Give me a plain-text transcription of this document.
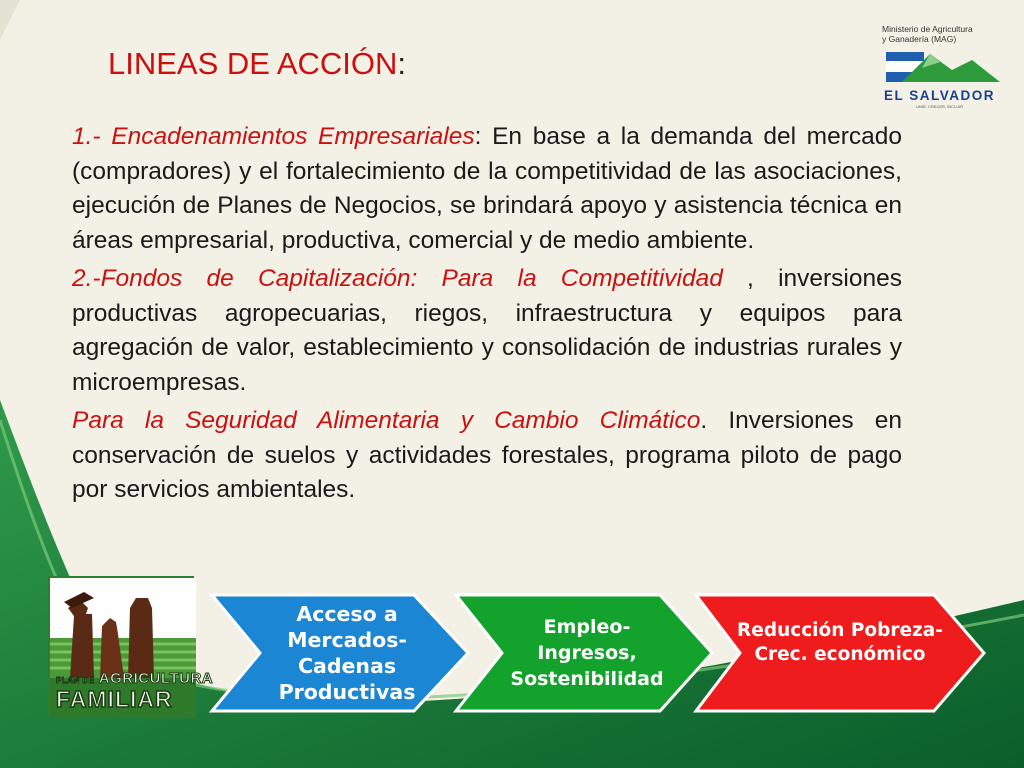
LINEAS DE ACCIÓN:
Ministerio de Agricultura
y Ganadería (MAG)
EL SALVADOR
UNIR, CRECER, INCLUIR

1.- Encadenamientos Empresariales: En base a la demanda del mercado (compradores) y el fortalecimiento de la competitividad de las asociaciones, ejecución de Planes de Negocios, se brindará apoyo y asistencia técnica en áreas empresarial, productiva, comercial y de medio ambiente.

2.-Fondos de Capitalización: Para la Competitividad , inversiones productivas agropecuarias, riegos, infraestructura y equipos para agregación de valor, establecimiento y consolidación de industrias rurales y microempresas.

Para la Seguridad Alimentaria y Cambio Climático. Inversiones en conservación de suelos y actividades forestales, programa piloto de pago por servicios ambientales.

PLAN DE AGRICULTURA
FAMILIAR
Acceso a
Mercados-
Cadenas
Productivas
Empleo-
Ingresos,
Sostenibilidad
Reducción Pobreza-
Crec. económico
